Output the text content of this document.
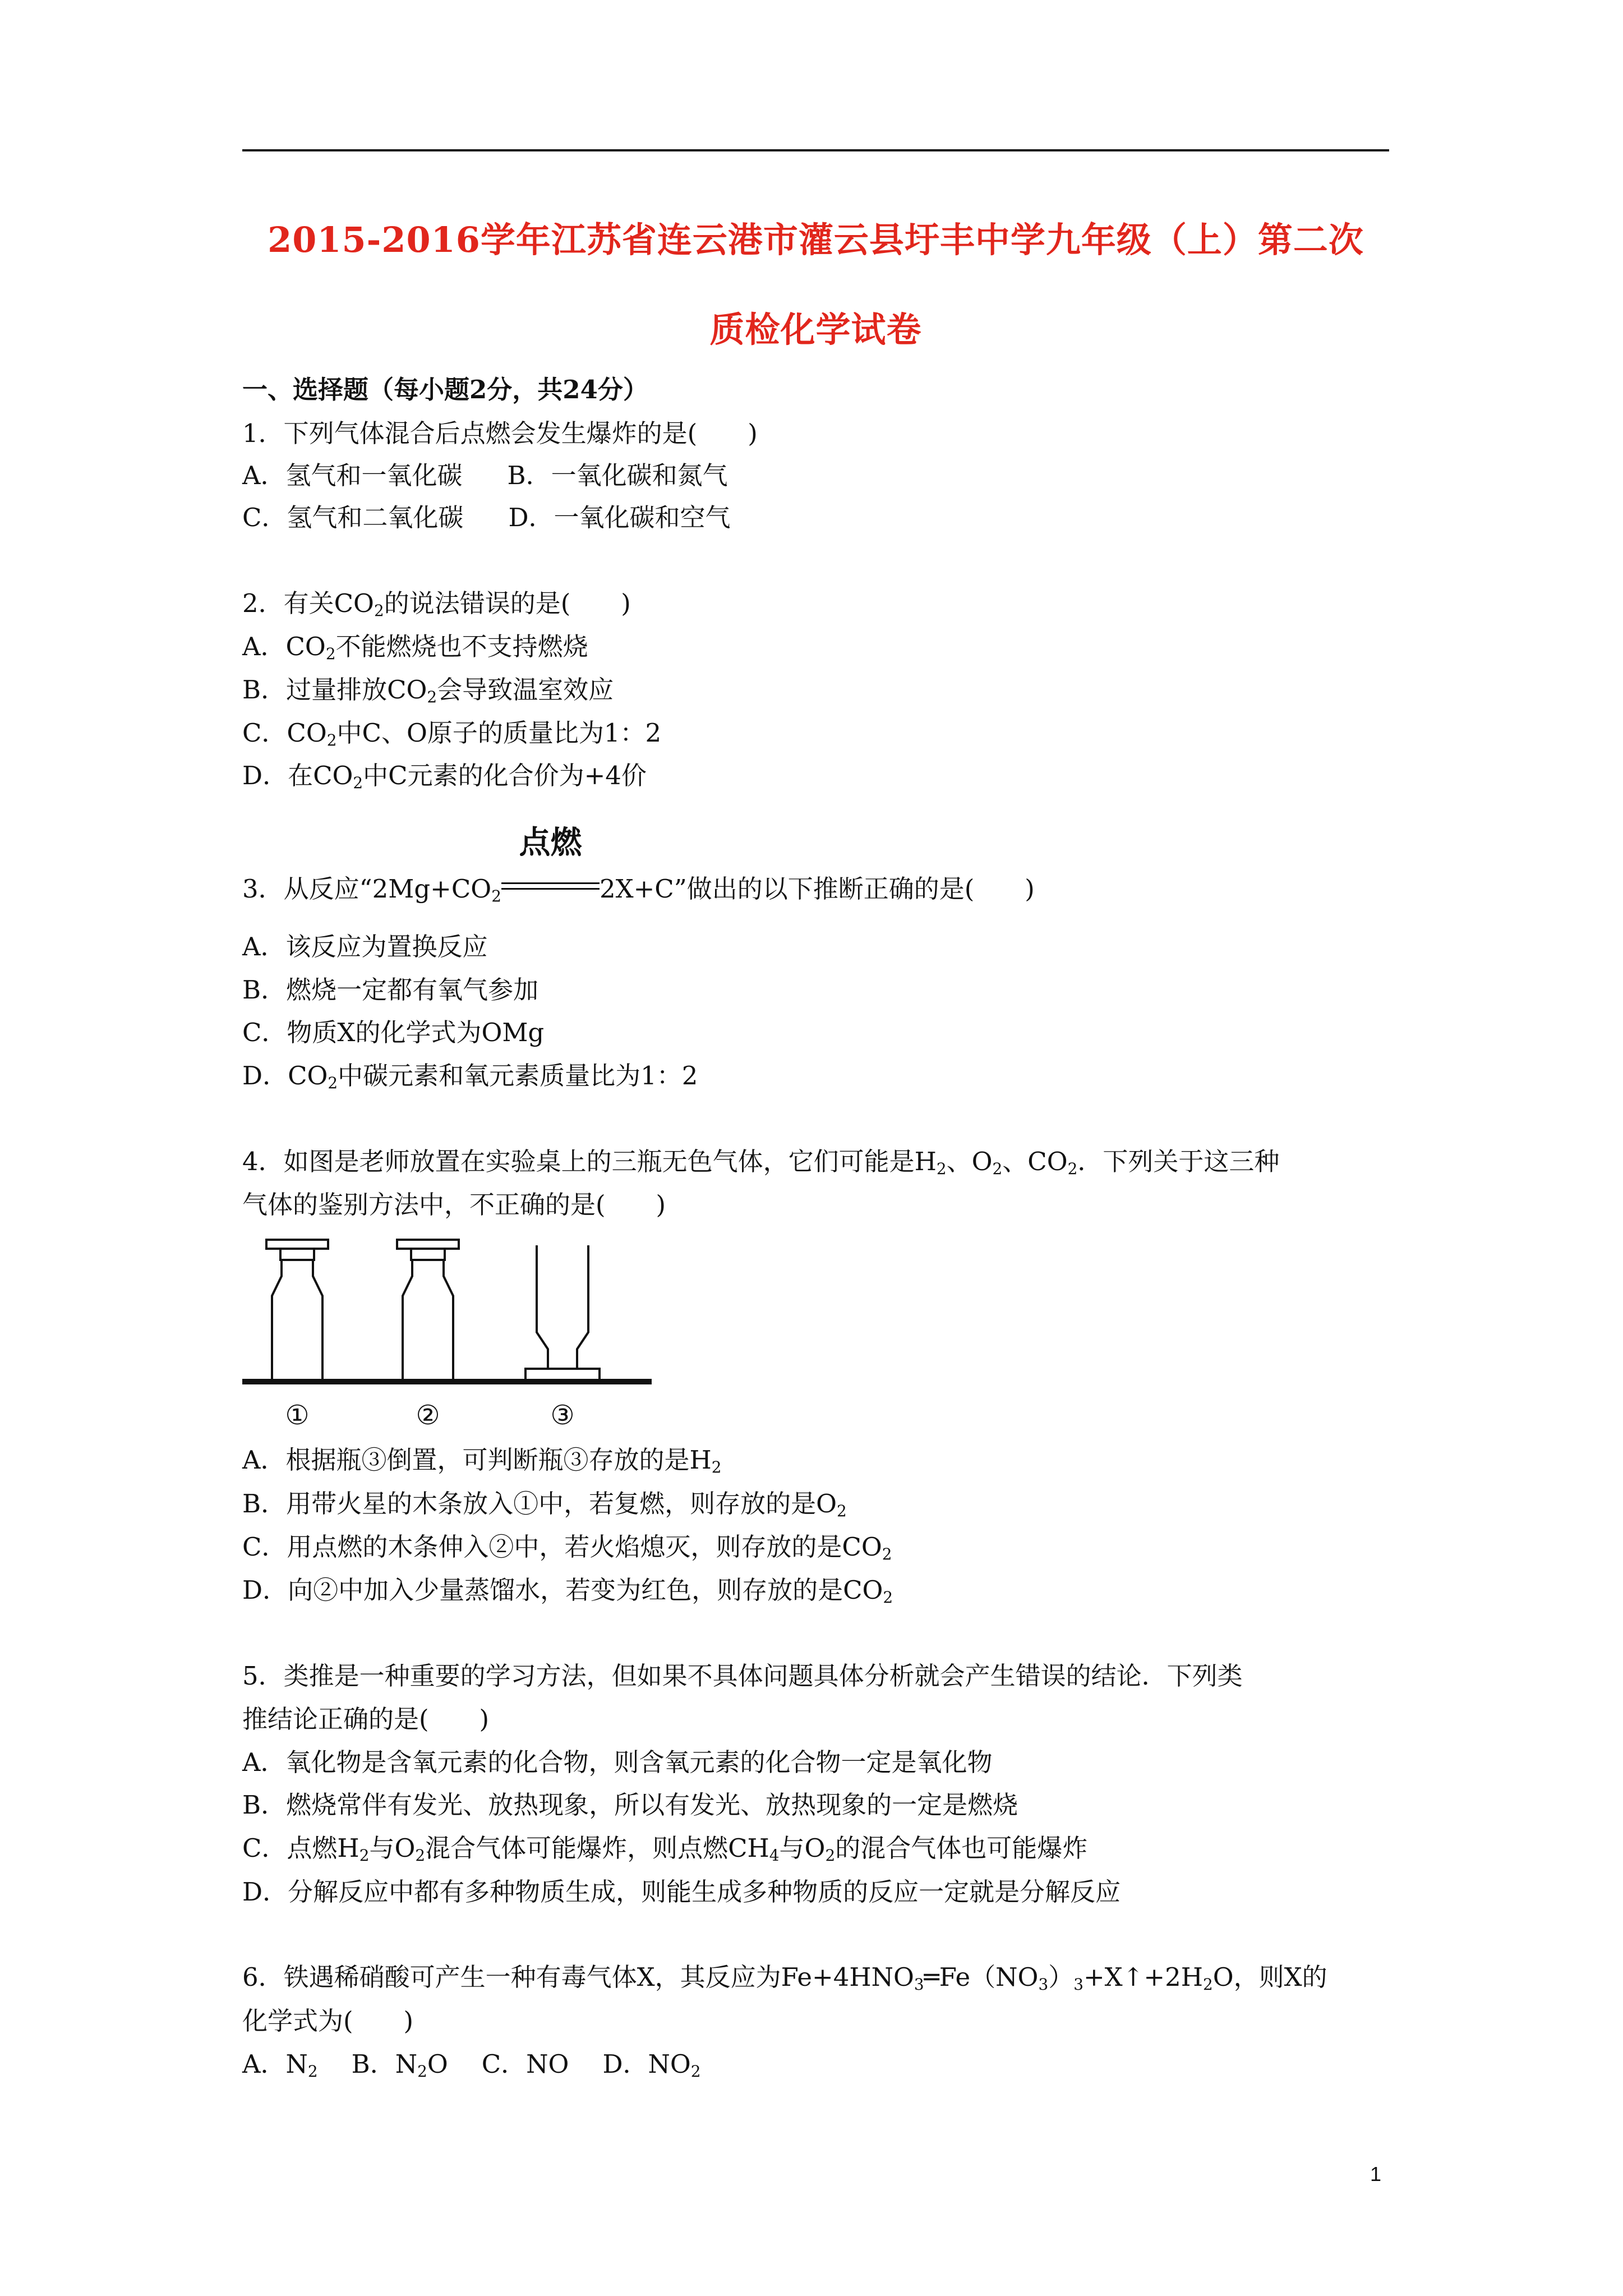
2015-2016学年江苏省连云港市灌云县圩丰中学九年级（上）第二次
质检化学试卷
一、选择题（每小题2分，共24分）
1．下列气体混合后点燃会发生爆炸的是(　　)
A．氢气和一氧化碳 B．一氧化碳和氮气
C．氢气和二氧化碳 D．一氧化碳和空气
2．有关$CO_2$的说法错误的是(　　)
A．$CO_2$不能燃烧也不支持燃烧
B．过量排放$CO_2$会导致温室效应
C．$CO_2$中C、O原子的质量比为1：2
D．在$CO_2$中C元素的化合价为+4价
3．从反应“$2Mg+CO_2$
点燃
2X+C”做出的以下推断正确的是(　　)
A．该反应为置换反应
B．燃烧一定都有氧气参加
C．物质X的化学式为OMg
D．$CO_2$中碳元素和氧元素质量比为1：2
4．如图是老师放置在实验桌上的三瓶无色气体，它们可能是$H_2$、$O_2$、$CO_2$．下列关于这三种
气体的鉴别方法中，不正确的是(　　)
①	②	③
A．根据瓶③倒置，可判断瓶③存放的是$H_2$
B．用带火星的木条放入①中，若复燃，则存放的是$O_2$
C．用点燃的木条伸入②中，若火焰熄灭，则存放的是$CO_2$
D．向②中加入少量蒸馏水，若变为红色，则存放的是$CO_2$
5．类推是一种重要的学习方法，但如果不具体问题具体分析就会产生错误的结论．下列类
推结论正确的是(　　)
A．氧化物是含氧元素的化合物，则含氧元素的化合物一定是氧化物
B．燃烧常伴有发光、放热现象，所以有发光、放热现象的一定是燃烧
C．点燃$H_2$与$O_2$混合气体可能爆炸，则点燃$CH_4$与$O_2$的混合气体也可能爆炸
D．分解反应中都有多种物质生成，则能生成多种物质的反应一定就是分解反应
6．铁遇稀硝酸可产生一种有毒气体X，其反应为$Fe+4HNO_3═Fe(NO_3)_3+X↑+2H_2O$，则X的
化学式为(　　)
A．$N_2$ B．$N_2O$ C．NO D．$NO_2$
1
